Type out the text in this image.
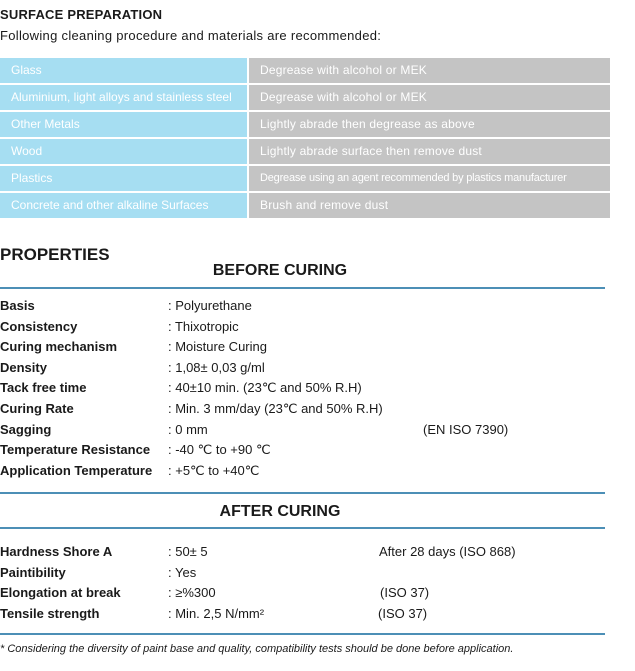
SURFACE PREPARATION
Following cleaning procedure and materials are recommended:
Glass	Degrease with alcohol or MEK
Aluminium, light alloys and stainless steel	Degrease with alcohol or MEK
Other Metals	Lightly abrade then degrease as above
Wood	Lightly abrade surface then remove dust
Plastics	Degrease using an agent recommended by plastics manufacturer
Concrete and other alkaline Surfaces	Brush and remove dust
PROPERTIES
BEFORE CURING
Basis	: Polyurethane
Consistency	: Thixotropic
Curing mechanism	: Moisture Curing
Density	: 1,08± 0,03 g/ml
Tack free time	: 40±10 min. (23℃ and 50% R.H)
Curing Rate	: Min. 3 mm/day (23℃ and 50% R.H)
Sagging	: 0 mm	(EN ISO 7390)
Temperature Resistance : -40 ℃ to +90 ℃
Application Temperature : +5℃ to +40℃
AFTER CURING
Hardness Shore A	: 50± 5	After 28 days (ISO 868)
Paintibility	: Yes
Elongation at break	: ≥%300	(ISO 37)
Tensile strength	: Min. 2,5 N/mm²	(ISO 37)
* Considering the diversity of paint base and quality, compatibility tests should be done before application.
